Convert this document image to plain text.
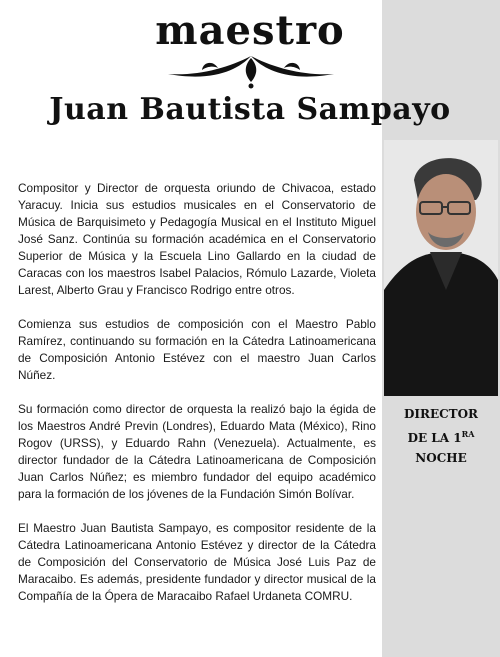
maestro
Juan Bautista Sampayo

Compositor y Director de orquesta oriundo de Chivacoa, estado Yaracuy. Inicia sus estudios musicales en el Conservatorio de Música de Barquisimeto y Pedagogía Musical en el Instituto Miguel José Sanz. Continúa su formación académica en el Conservatorio Superior de Música y la Escuela Lino Gallardo en la ciudad de Caracas con los maestros Isabel Palacios, Rómulo Lazarde, Violeta Larest, Alberto Grau y Francisco Rodrigo entre otros.

Comienza sus estudios de composición con el Maestro Pablo Ramírez, continuando su formación en la Cátedra Latinoamericana de Composición Antonio Estévez con el maestro Juan Carlos Núñez.

Su formación como director de orquesta la realizó bajo la égida de los Maestros André Previn (Londres), Eduardo Mata (México), Rino Rogov (URSS), y Eduardo Rahn (Venezuela). Actualmente, es director fundador de la Cátedra Latinoamericana de Composición Juan Carlos Núñez; es miembro fundador del equipo académico para la formación de los jóvenes de la Fundación Simón Bolívar.

El Maestro Juan Bautista Sampayo, es compositor residente de la Cátedra Latinoamericana Antonio Estévez y director de la Cátedra de Composición del Conservatorio de Música José Luis Paz de Maracaibo. Es además, presidente fundador y director musical de la Compañía de la Ópera de Maracaibo Rafael Urdaneta COMRU.

DIRECTOR
DE LA $1^{RA}$ NOCHE
